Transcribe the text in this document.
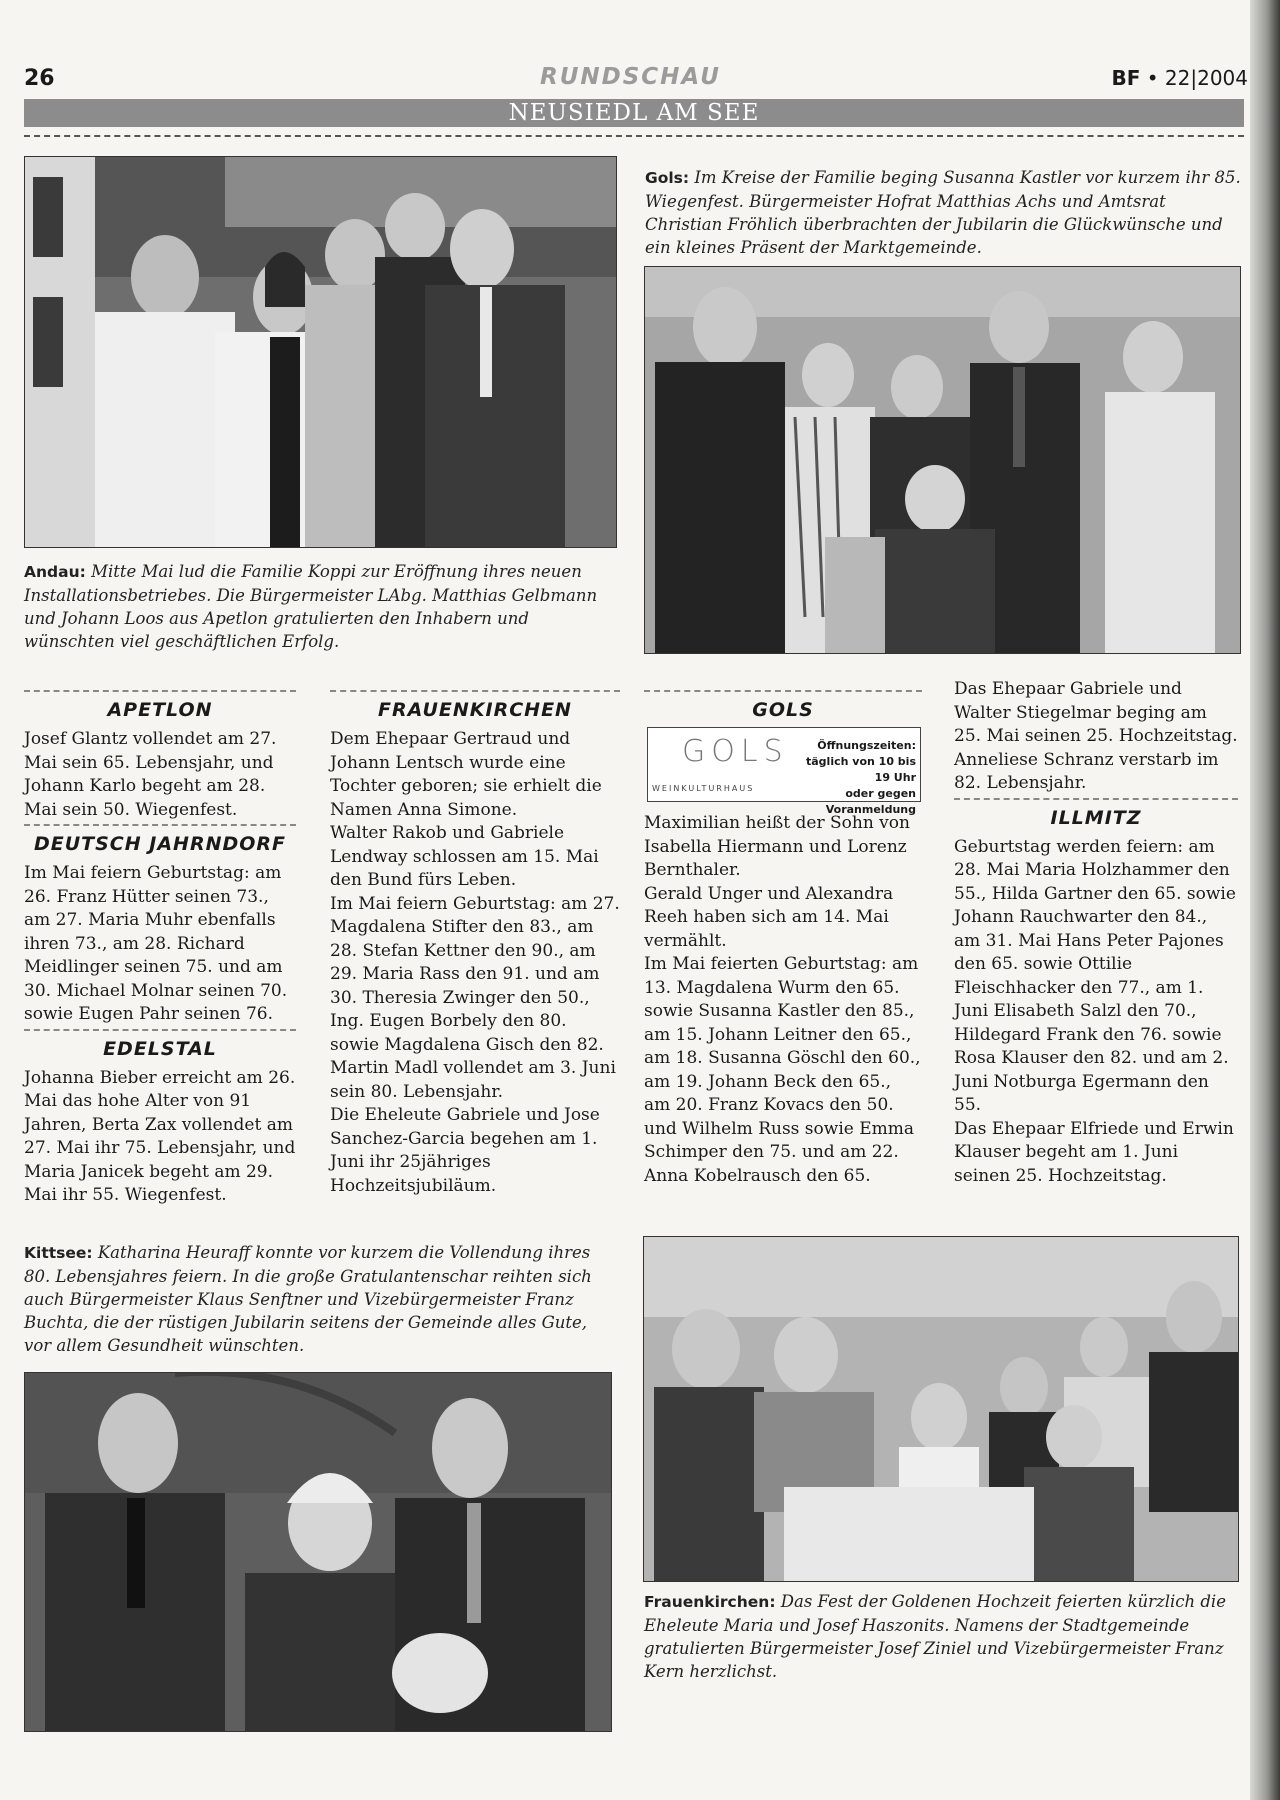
26	RUNDSCHAU	BF • 22|2004
NEUSIEDL AM SEE
Andau: Mitte Mai lud die Familie Koppi zur Eröffnung ihres neuen Installationsbetriebes. Die Bürgermeister LAbg. Matthias Gelbmann und Johann Loos aus Apetlon gratulierten den Inhabern und wünschten viel geschäftlichen Erfolg.
Gols: Im Kreise der Familie beging Susanna Kastler vor kurzem ihr 85. Wiegenfest. Bürgermeister Hofrat Matthias Achs und Amtsrat Christian Fröhlich überbrachten der Jubilarin die Glückwünsche und ein kleines Präsent der Marktgemeinde.
APETLON

Josef Glantz vollendet am 27. Mai sein 65. Lebensjahr, und Johann Karlo begeht am 28. Mai sein 50. Wiegenfest.

DEUTSCH JAHRNDORF

Im Mai feiern Geburtstag: am 26. Franz Hütter seinen 73., am 27. Maria Muhr ebenfalls ihren 73., am 28. Richard Meidlinger seinen 75. und am 30. Michael Molnar seinen 70. sowie Eugen Pahr seinen 76.

EDELSTAL

Johanna Bieber erreicht am 26. Mai das hohe Alter von 91 Jahren, Berta Zax vollendet am 27. Mai ihr 75. Lebensjahr, und Maria Janicek begeht am 29. Mai ihr 55. Wiegenfest.

FRAUENKIRCHEN

Dem Ehepaar Gertraud und Johann Lentsch wurde eine Tochter geboren; sie erhielt die Namen Anna Simone.

Walter Rakob und Gabriele Lendway schlossen am 15. Mai den Bund fürs Leben.

Im Mai feiern Geburtstag: am 27. Magdalena Stifter den 83., am 28. Stefan Kettner den 90., am 29. Maria Rass den 91. und am 30. Theresia Zwinger den 50., Ing. Eugen Borbely den 80. sowie Magdalena Gisch den 82.

Martin Madl vollendet am 3. Juni sein 80. Lebensjahr.

Die Eheleute Gabriele und Jose Sanchez-Garcia begehen am 1. Juni ihr 25jähriges Hochzeitsjubiläum.

GOLS
GOLS
WEINKULTURHAUS
Öffnungszeiten:
täglich von 10 bis 19 Uhr
oder gegen Voranmeldung

Maximilian heißt der Sohn von Isabella Hiermann und Lorenz Bernthaler.

Gerald Unger und Alexandra Reeh haben sich am 14. Mai vermählt.

Im Mai feierten Geburtstag: am 13. Magdalena Wurm den 65. sowie Susanna Kastler den 85., am 15. Johann Leitner den 65., am 18. Susanna Göschl den 60., am 19. Johann Beck den 65., am 20. Franz Kovacs den 50. und Wilhelm Russ sowie Emma Schimper den 75. und am 22. Anna Kobelrausch den 65.

Das Ehepaar Gabriele und Walter Stiegelmar beging am 25. Mai seinen 25. Hochzeitstag.

Anneliese Schranz verstarb im 82. Lebensjahr.

ILLMITZ

Geburtstag werden feiern: am 28. Mai Maria Holzhammer den 55., Hilda Gartner den 65. sowie Johann Rauchwarter den 84., am 31. Mai Hans Peter Pajones den 65. sowie Ottilie Fleischhacker den 77., am 1. Juni Elisabeth Salzl den 70., Hildegard Frank den 76. sowie Rosa Klauser den 82. und am 2. Juni Notburga Egermann den 55.

Das Ehepaar Elfriede und Erwin Klauser begeht am 1. Juni seinen 25. Hochzeitstag.

Kittsee: Katharina Heuraff konnte vor kurzem die Vollendung ihres 80. Lebensjahres feiern. In die große Gratulantenschar reihten sich auch Bürgermeister Klaus Senftner und Vizebürgermeister Franz Buchta, die der rüstigen Jubilarin seitens der Gemeinde alles Gute, vor allem Gesundheit wünschten.
Frauenkirchen: Das Fest der Goldenen Hochzeit feierten kürzlich die Eheleute Maria und Josef Haszonits. Namens der Stadtgemeinde gratulierten Bürgermeister Josef Ziniel und Vizebürgermeister Franz Kern herzlichst.
